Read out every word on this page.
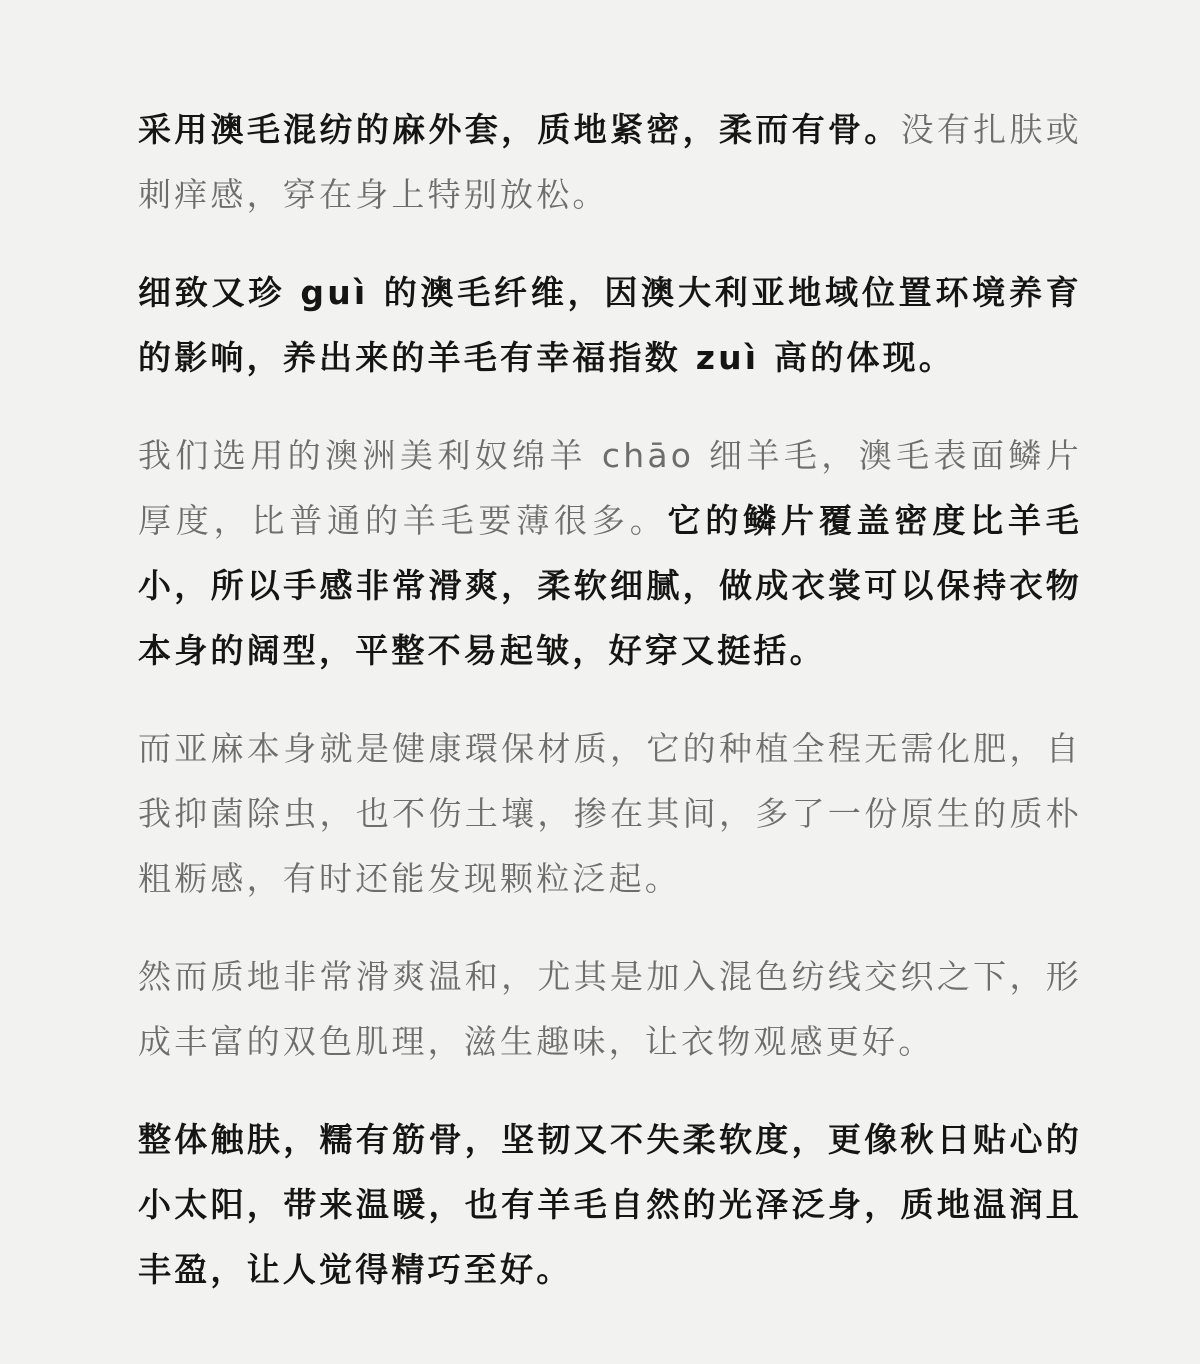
采用澳毛混纺的麻外套，质地紧密，柔而有骨。没有扎肤或刺痒感，穿在身上特别放松。

细致又珍 guì 的澳毛纤维，因澳大利亚地域位置环境养育的影响，养出来的羊毛有幸福指数 zuì 高的体现。

我们选用的澳洲美利奴绵羊 chāo 细羊毛，澳毛表面鳞片厚度，比普通的羊毛要薄很多。它的鳞片覆盖密度比羊毛小，所以手感非常滑爽，柔软细腻，做成衣裳可以保持衣物本身的阔型，平整不易起皱，好穿又挺括。

而亚麻本身就是健康環保材质，它的种植全程无需化肥，自我抑菌除虫，也不伤土壤，掺在其间，多了一份原生的质朴粗粝感，有时还能发现颗粒泛起。

然而质地非常滑爽温和，尤其是加入混色纺线交织之下，形成丰富的双色肌理，滋生趣味，让衣物观感更好。

整体触肤，糯有筋骨，坚韧又不失柔软度，更像秋日贴心的小太阳，带来温暖，也有羊毛自然的光泽泛身，质地温润且丰盈，让人觉得精巧至好。
